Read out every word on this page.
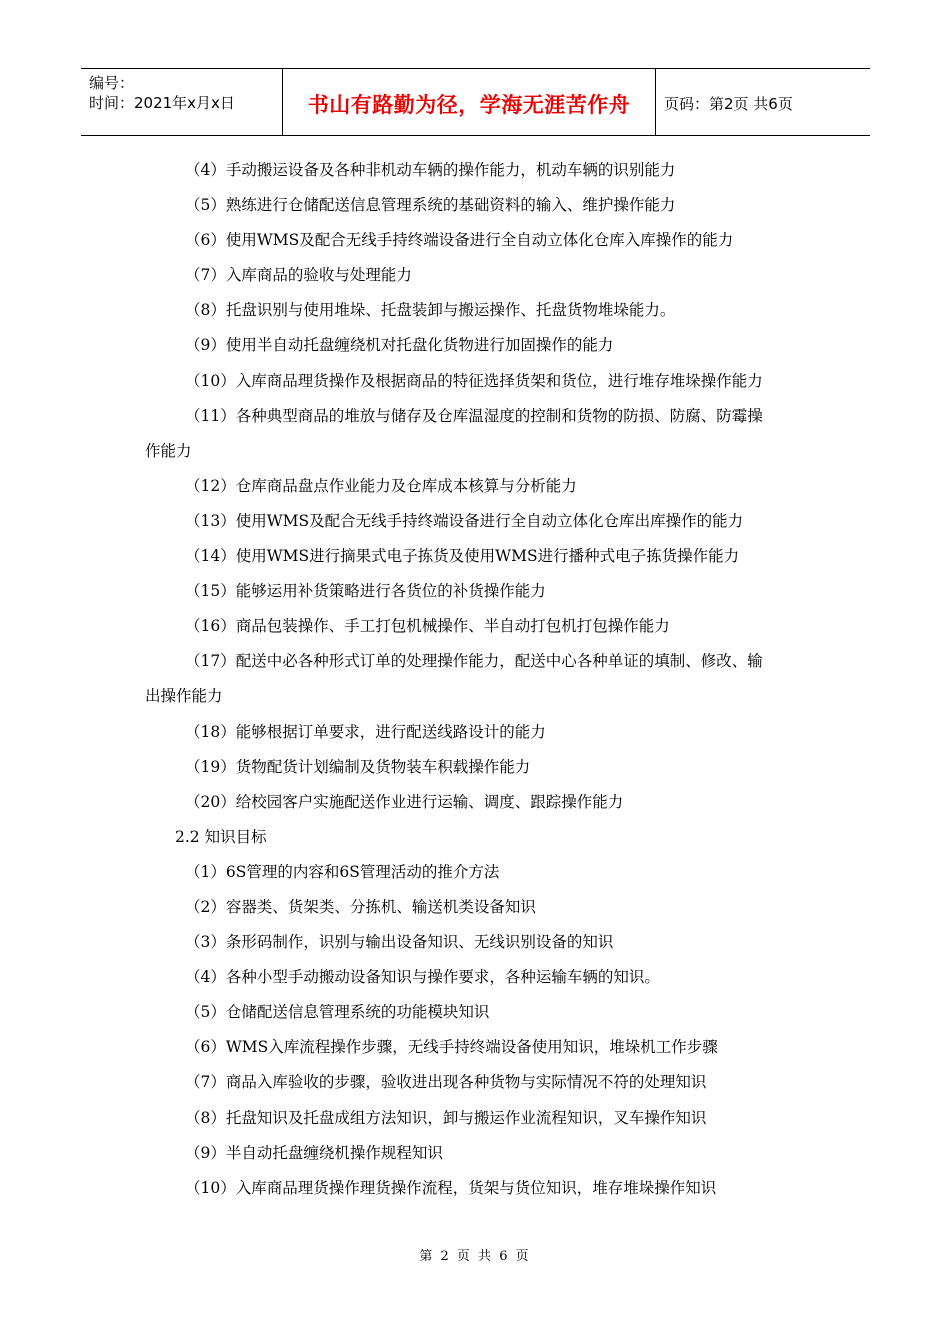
编号：
时间：2021年x月x日	书山有路勤为径，学海无涯苦作舟 页码：第2页 共6页
（4）手动搬运设备及各种非机动车辆的操作能力，机动车辆的识别能力
（5）熟练进行仓储配送信息管理系统的基础资料的输入、维护操作能力
（6）使用WMS及配合无线手持终端设备进行全自动立体化仓库入库操作的能力
（7）入库商品的验收与处理能力
（8）托盘识别与使用堆垛、托盘装卸与搬运操作、托盘货物堆垛能力。
（9）使用半自动托盘缠绕机对托盘化货物进行加固操作的能力
（10）入库商品理货操作及根据商品的特征选择货架和货位，进行堆存堆垛操作能力
（11）各种典型商品的堆放与储存及仓库温湿度的控制和货物的防损、防腐、防霉操
作能力
（12）仓库商品盘点作业能力及仓库成本核算与分析能力
（13）使用WMS及配合无线手持终端设备进行全自动立体化仓库出库操作的能力
（14）使用WMS进行摘果式电子拣货及使用WMS进行播种式电子拣货操作能力
（15）能够运用补货策略进行各货位的补货操作能力
（16）商品包装操作、手工打包机械操作、半自动打包机打包操作能力
（17）配送中必各种形式订单的处理操作能力，配送中心各种单证的填制、修改、输
出操作能力
（18）能够根据订单要求，进行配送线路设计的能力
（19）货物配货计划编制及货物装车积载操作能力
（20）给校园客户实施配送作业进行运输、调度、跟踪操作能力
2.2 知识目标
（1）6S管理的内容和6S管理活动的推介方法
（2）容器类、货架类、分拣机、输送机类设备知识
（3）条形码制作，识别与输出设备知识、无线识别设备的知识
（4）各种小型手动搬动设备知识与操作要求，各种运输车辆的知识。
（5）仓储配送信息管理系统的功能模块知识
（6）WMS入库流程操作步骤，无线手持终端设备使用知识，堆垛机工作步骤
（7）商品入库验收的步骤，验收进出现各种货物与实际情况不符的处理知识
（8）托盘知识及托盘成组方法知识，卸与搬运作业流程知识，叉车操作知识
（9）半自动托盘缠绕机操作规程知识
（10）入库商品理货操作理货操作流程，货架与货位知识，堆存堆垛操作知识
第 2 页 共 6 页
